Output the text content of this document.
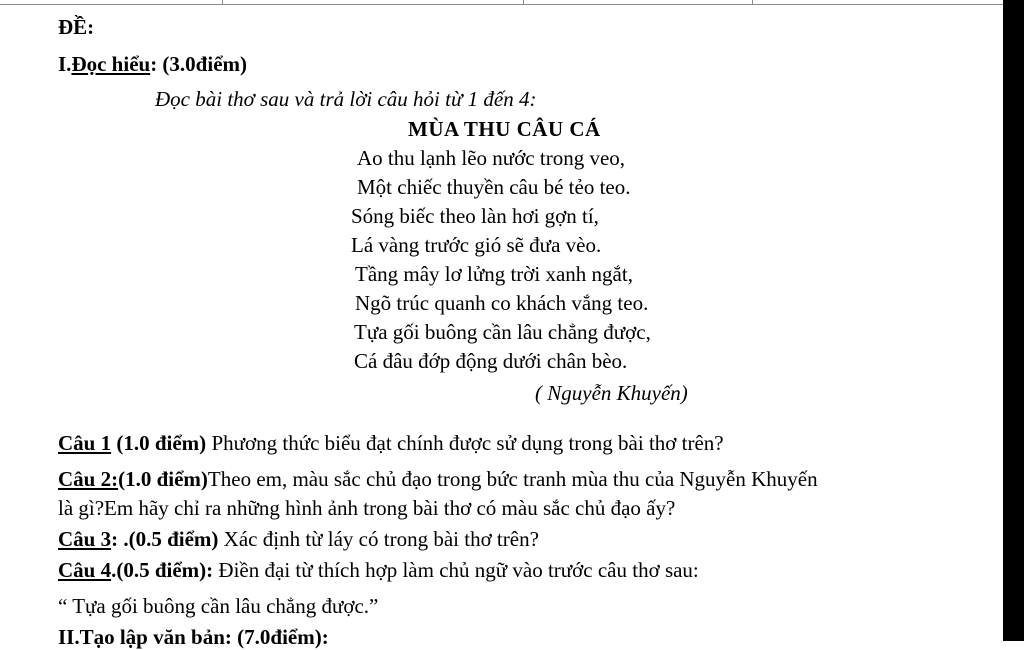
ĐỀ:
I.Đọc hiểu: (3.0điểm)
Đọc bài thơ sau và trả lời câu hỏi từ 1 đến 4:
MÙA THU CÂU CÁ
Ao thu lạnh lẽo nước trong veo,
Một chiếc thuyền câu bé tẻo teo.
Sóng biếc theo làn hơi gợn tí,
Lá vàng trước gió sẽ đưa vèo.
Tầng mây lơ lửng trời xanh ngắt,
Ngõ trúc quanh co khách vắng teo.
Tựa gối buông cần lâu chẳng được,
Cá đâu đớp động dưới chân bèo.
( Nguyễn Khuyến)
Câu 1 (1.0 điểm) Phương thức biểu đạt chính được sử dụng trong bài thơ trên?
Câu 2:(1.0 điểm)Theo em, màu sắc chủ đạo trong bức tranh mùa thu của Nguyễn Khuyến
là gì?Em hãy chỉ ra những hình ảnh trong bài thơ có màu sắc chủ đạo ấy?
Câu 3: .(0.5 điểm) Xác định từ láy có trong bài thơ trên?
Câu 4.(0.5 điểm): Điền đại từ thích hợp làm chủ ngữ vào trước câu thơ sau:
“ Tựa gối buông cần lâu chẳng được.”
II.Tạo lập văn bản: (7.0điểm):
